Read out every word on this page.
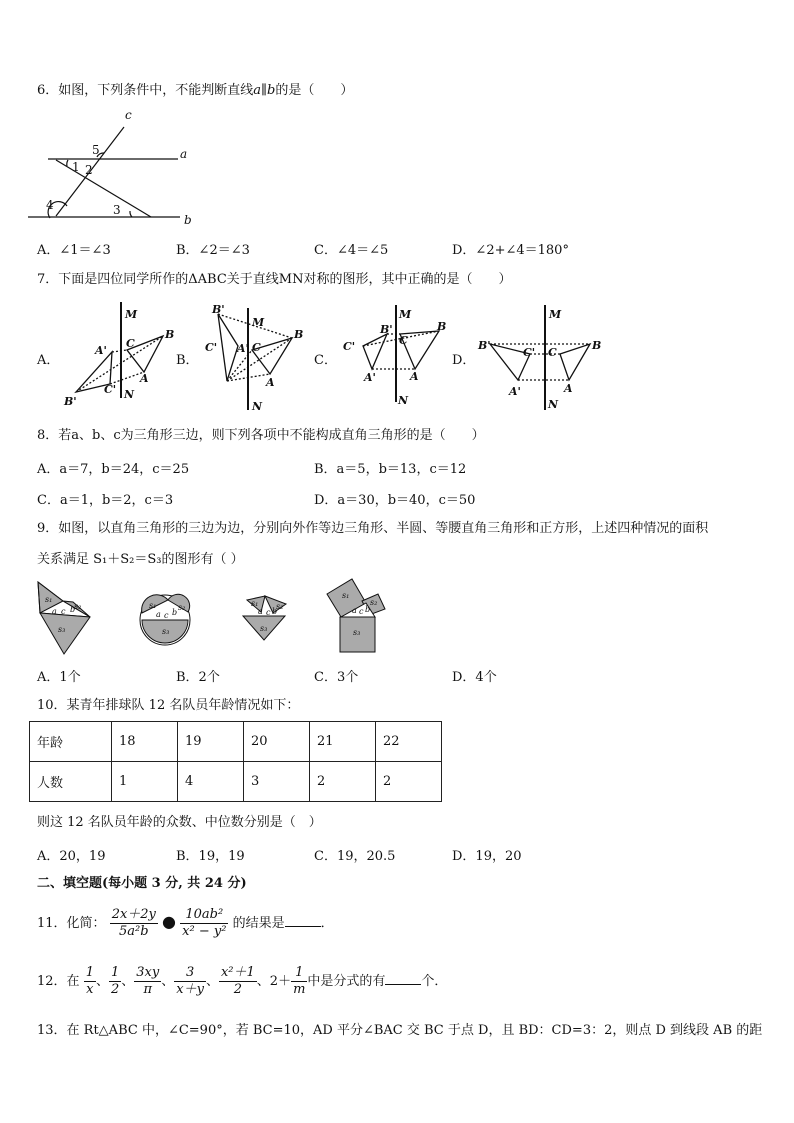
6．如图，下列条件中，不能判断直线a∥b的是（　　）
c
a
b
1 2
3
4
5
A．∠1＝∠3	B．∠2＝∠3	C．∠4＝∠5	D．∠2+∠4＝180°
7．下面是四位同学所作的ΔABC关于直线MN对称的图形，其中正确的是（　　）
A．	B．	C．	D．
M
N
B
C
A
A'
C'
B'
M
N
B
C
A
B'
C' A'
M
N
B
C
A
B'
C'
A'
M
N
B
C
A
B'
C'
A'
8．若a、b、c为三角形三边，则下列各项中不能构成直角三角形的是（　　）
A．a＝7，b＝24，c＝25	B．a＝5，b＝13，c＝12
C．a＝1，b＝2，c＝3	D．a＝30，b＝40，c＝50
9．如图，以直角三角形的三边为边，分别向外作等边三角形、半圆、等腰直角三角形和正方形，上述四种情况的面积
关系满足 S₁＋S₂＝S₃的图形有（ ）
s₁
s₂
s₃
a c b	s₁	s₂
s₃
a c b
s₁ s₂
s₃
a c b
s₁
s₂
s₃
a c b
A．1个	B．2个	C．3个	D．4个
10．某青年排球队 12 名队员年龄情况如下：
年龄	18	19	20	21	22
人数	1	4	3	2	2
则这 12 名队员年龄的众数、中位数分别是（　）
A．20，19	B．19，19	C．19，20.5	D．19，20
二、填空题(每小题 3 分, 共 24 分)
11．化简： $\frac{2x+2y}{\text{5a²b}}$ ● $\frac{\text{10ab²}}{\text{x² − y²}}$ 的结果是	．
12．在 $\frac{1}{x}$ 、 $\frac{1}{2}$ 、 $\frac{3xy}{\pi}$ 、 $\frac{3}{x+y}$ 、 $\frac{\text{x²＋1}}{2}$ 、$2+ \frac{1}{m}$ 中是分式的有	个．
13．在 Rt△ABC 中，∠C=90°，若 BC=10，AD 平分∠BAC 交 BC 于点 D，且 BD：CD=3：2，则点 D 到线段 AB 的距
